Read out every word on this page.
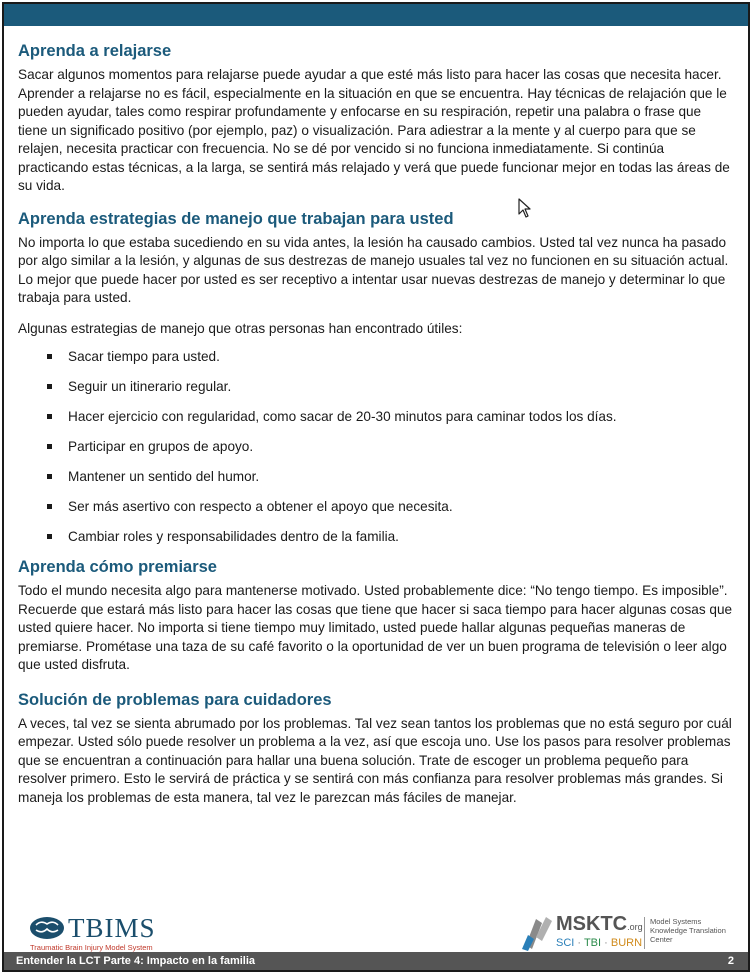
Aprenda a relajarse

Sacar algunos momentos para relajarse puede ayudar a que esté más listo para hacer las cosas que necesita hacer. Aprender a relajarse no es fácil, especialmente en la situación en que se encuentra. Hay técnicas de relajación que le pueden ayudar, tales como respirar profundamente y enfocarse en su respiración, repetir una palabra o frase que tiene un significado positivo (por ejemplo, paz) o visualización. Para adiestrar a la mente y al cuerpo para que se relajen, necesita practicar con frecuencia. No se dé por vencido si no funciona inmediatamente. Si continúa practicando estas técnicas, a la larga, se sentirá más relajado y verá que puede funcionar mejor en todas las áreas de su vida.

Aprenda estrategias de manejo que trabajan para usted

No importa lo que estaba sucediendo en su vida antes, la lesión ha causado cambios. Usted tal vez nunca ha pasado por algo similar a la lesión, y algunas de sus destrezas de manejo usuales tal vez no funcionen en su situación actual. Lo mejor que puede hacer por usted es ser receptivo a intentar usar nuevas destrezas de manejo y determinar lo que trabaja para usted.

Algunas estrategias de manejo que otras personas han encontrado útiles:

Sacar tiempo para usted.
Seguir un itinerario regular.
Hacer ejercicio con regularidad, como sacar de 20-30 minutos para caminar todos los días.
Participar en grupos de apoyo.
Mantener un sentido del humor.
Ser más asertivo con respecto a obtener el apoyo que necesita.
Cambiar roles y responsabilidades dentro de la familia.
Aprenda cómo premiarse

Todo el mundo necesita algo para mantenerse motivado. Usted probablemente dice: “No tengo tiempo. Es imposible”. Recuerde que estará más listo para hacer las cosas que tiene que hacer si saca tiempo para hacer algunas cosas que usted quiere hacer. No importa si tiene tiempo muy limitado, usted puede hallar algunas pequeñas maneras de premiarse. Prométase una taza de su café favorito o la oportunidad de ver un buen programa de televisión o leer algo que usted disfruta.

Solución de problemas para cuidadores

A veces, tal vez se sienta abrumado por los problemas. Tal vez sean tantos los problemas que no está seguro por cuál empezar. Usted sólo puede resolver un problema a la vez, así que escoja uno. Use los pasos para resolver problemas que se encuentran a continuación para hallar una buena solución. Trate de escoger un problema pequeño para resolver primero. Esto le servirá de práctica y se sentirá con más confianza para resolver problemas más grandes. Si maneja los problemas de esta manera, tal vez le parezcan más fáciles de manejar.

TBIMS
Traumatic Brain Injury Model System
MSKTC.org
SCI · TBI · BURN
Model Systems Knowledge Translation Center
Entender la LCT Parte 4: Impacto en la familia	2
